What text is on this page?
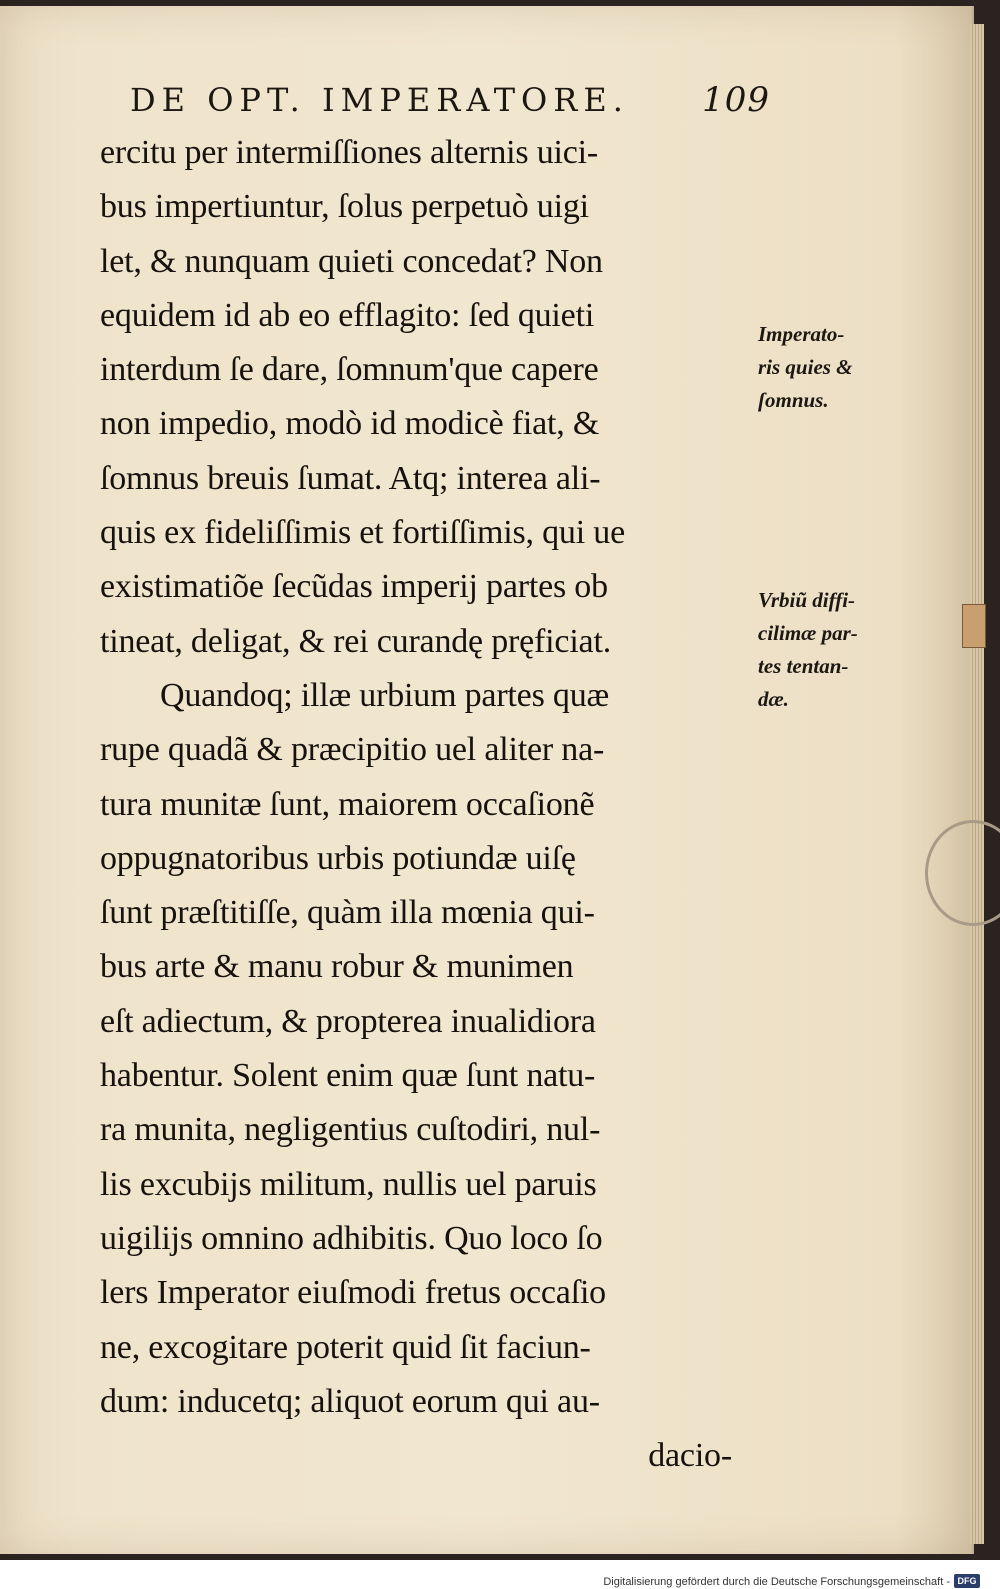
DE OPT. IMPERATORE. 109
ercitu per intermiſſiones alternis uici-
bus impertiuntur, ſolus perpetuò uigi
let, & nunquam quieti concedat? Non
equidem id ab eo efflagito: ſed quieti
interdum ſe dare, ſomnum'que capere
non impedio, modò id modicè fiat, &
ſomnus breuis ſumat. Atq; interea ali-
quis ex fideliſſimis et fortiſſimis, qui ue
existimatiõe ſecũdas imperij partes ob
tineat, deligat, & rei curandę pręficiat.
Quandoq; illæ urbium partes quæ
rupe quadã & præcipitio uel aliter na-
tura munitæ ſunt, maiorem occaſionẽ
oppugnatoribus urbis potiundæ uiſę
ſunt præſtitiſſe, quàm illa mœnia qui-
bus arte & manu robur & munimen
eſt adiectum, & propterea inualidiora
habentur. Solent enim quæ ſunt natu-
ra munita, negligentius cuſtodiri, nul-
lis excubijs militum, nullis uel paruis
uigilijs omnino adhibitis. Quo loco ſo
lers Imperator eiuſmodi fretus occaſio
ne, excogitare poterit quid ſit faciun-
dum: inducetq; aliquot eorum qui au-
dacio-
Imperato-
ris quies &
ſomnus.
Vrbiũ diffi-
cilimæ par-
tes tentan-
dæ.
Digitalisierung gefördert durch die Deutsche Forschungsgemeinschaft - DFG
